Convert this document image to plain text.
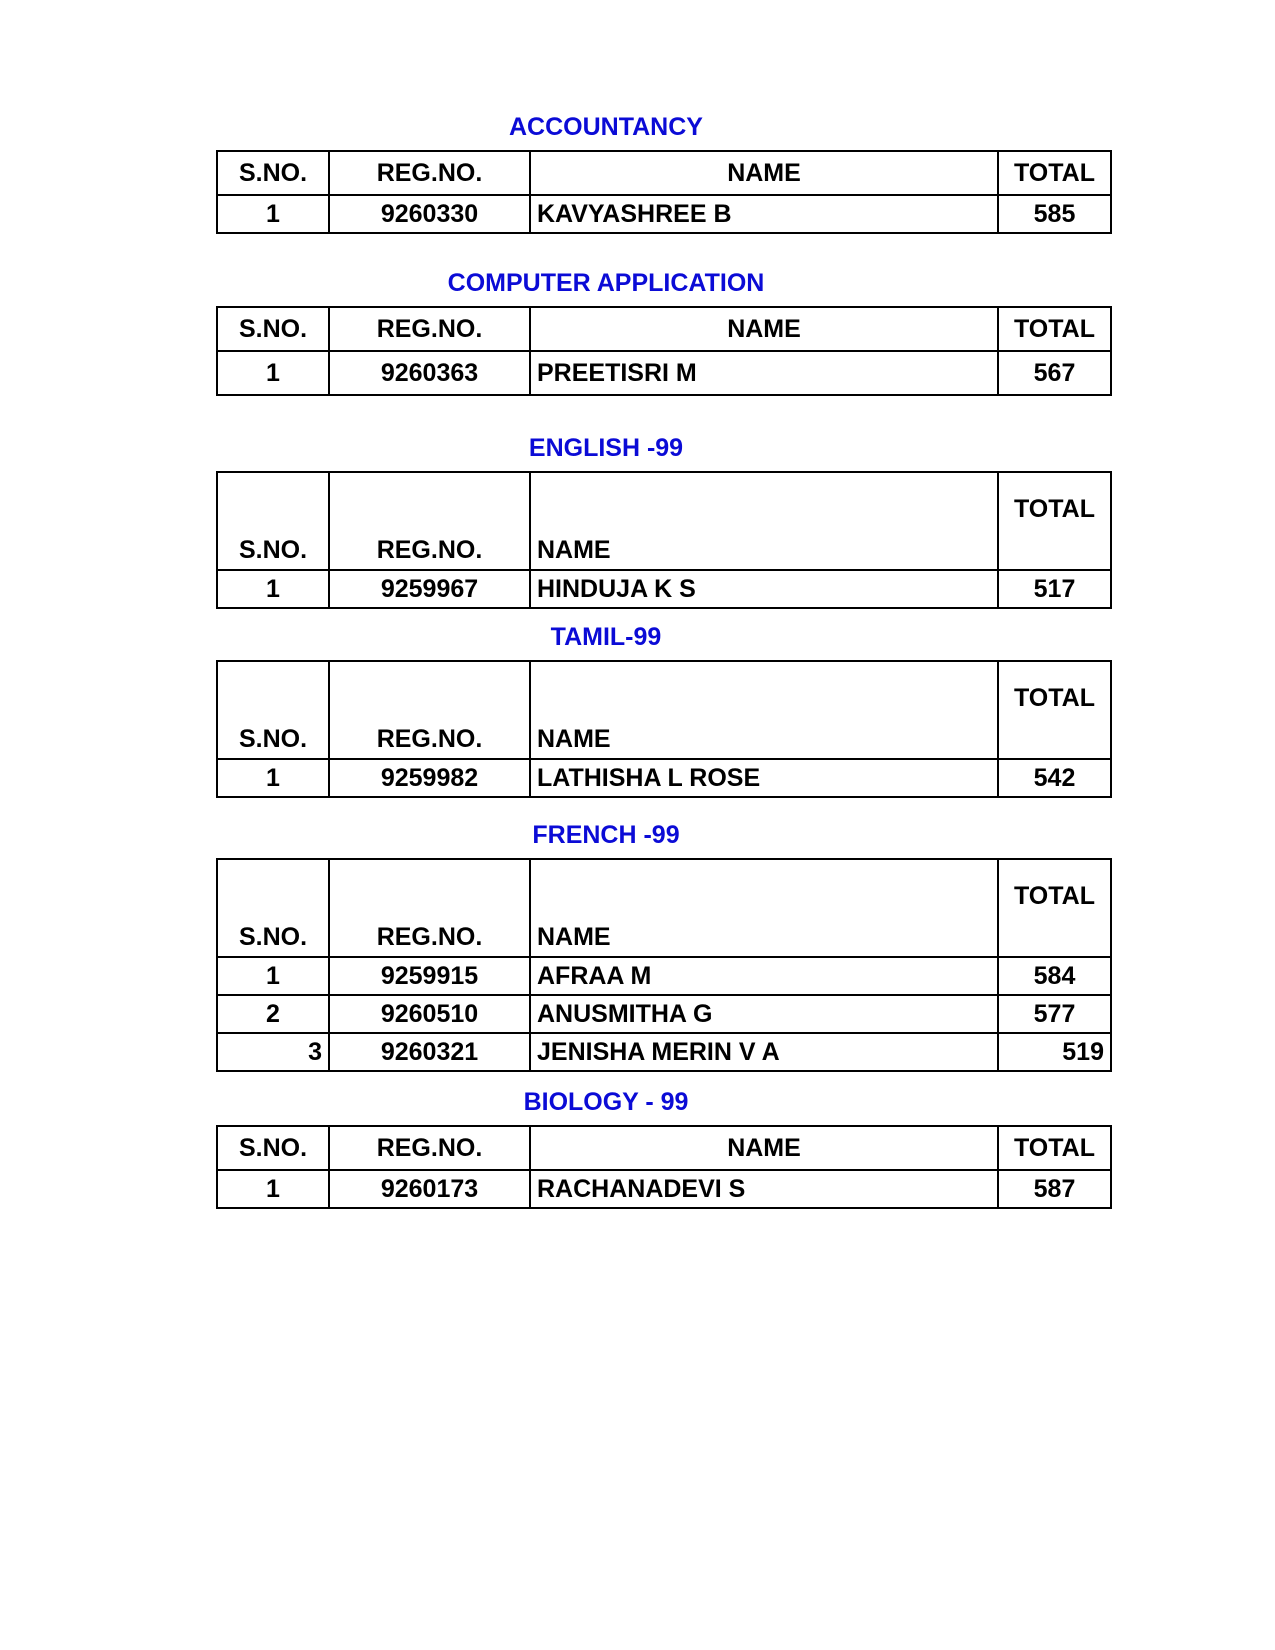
ACCOUNTANCY
S.NO.	REG.NO.	NAME	TOTAL
1	9260330	KAVYASHREE B	585
COMPUTER APPLICATION
S.NO.	REG.NO.	NAME	TOTAL
1	9260363	PREETISRI M	567
ENGLISH -99
S.NO.	REG.NO.	NAME	TOTAL
1	9259967	HINDUJA K S	517
TAMIL-99
S.NO.	REG.NO.	NAME	TOTAL
1	9259982	LATHISHA L ROSE	542
FRENCH -99
S.NO.	REG.NO.	NAME	TOTAL
1	9259915	AFRAA M	584
2	9260510	ANUSMITHA G	577
3	9260321	JENISHA MERIN V A	519
BIOLOGY - 99
S.NO.	REG.NO.	NAME	TOTAL
1	9260173	RACHANADEVI S	587
